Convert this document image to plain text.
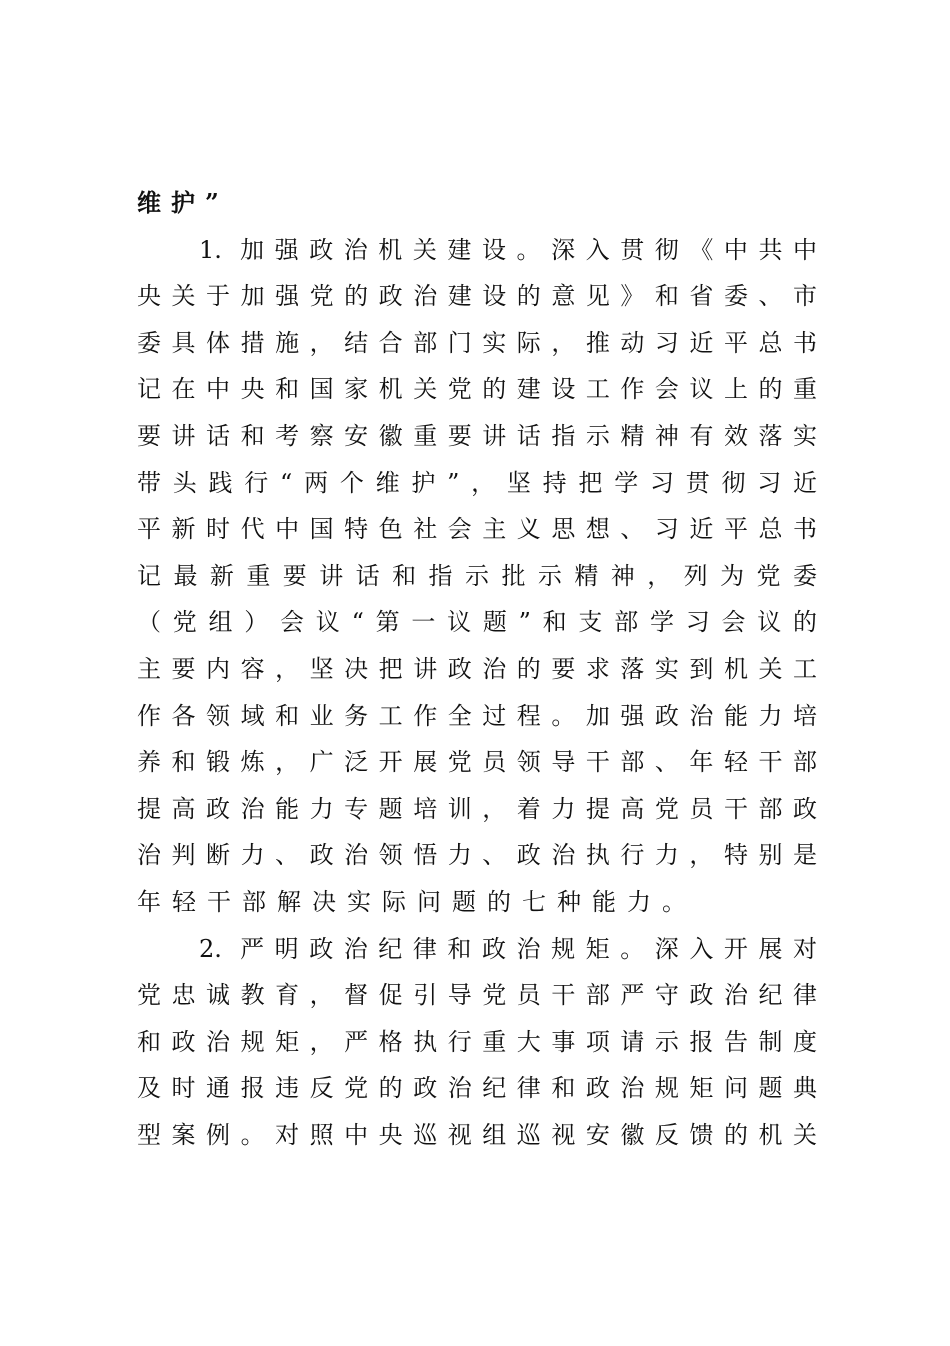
维护”
1. 加强政治机关建设。深入贯彻《中共中
央关于加强党的政治建设的意见》和省委、市
委具体措施，结合部门实际，推动习近平总书
记在中央和国家机关党的建设工作会议上的重
要讲话和考察安徽重要讲话指示精神有效落实
带头践行“两个维护”，坚持把学习贯彻习近
平新时代中国特色社会主义思想、习近平总书
记最新重要讲话和指示批示精神，列为党委
（党组）会议“第一议题”和支部学习会议的
主要内容，坚决把讲政治的要求落实到机关工
作各领域和业务工作全过程。加强政治能力培
养和锻炼，广泛开展党员领导干部、年轻干部
提高政治能力专题培训，着力提高党员干部政
治判断力、政治领悟力、政治执行力，特别是
年轻干部解决实际问题的七种能力。
2. 严明政治纪律和政治规矩。深入开展对
党忠诚教育，督促引导党员干部严守政治纪律
和政治规矩，严格执行重大事项请示报告制度
及时通报违反党的政治纪律和政治规矩问题典
型案例。对照中央巡视组巡视安徽反馈的机关
